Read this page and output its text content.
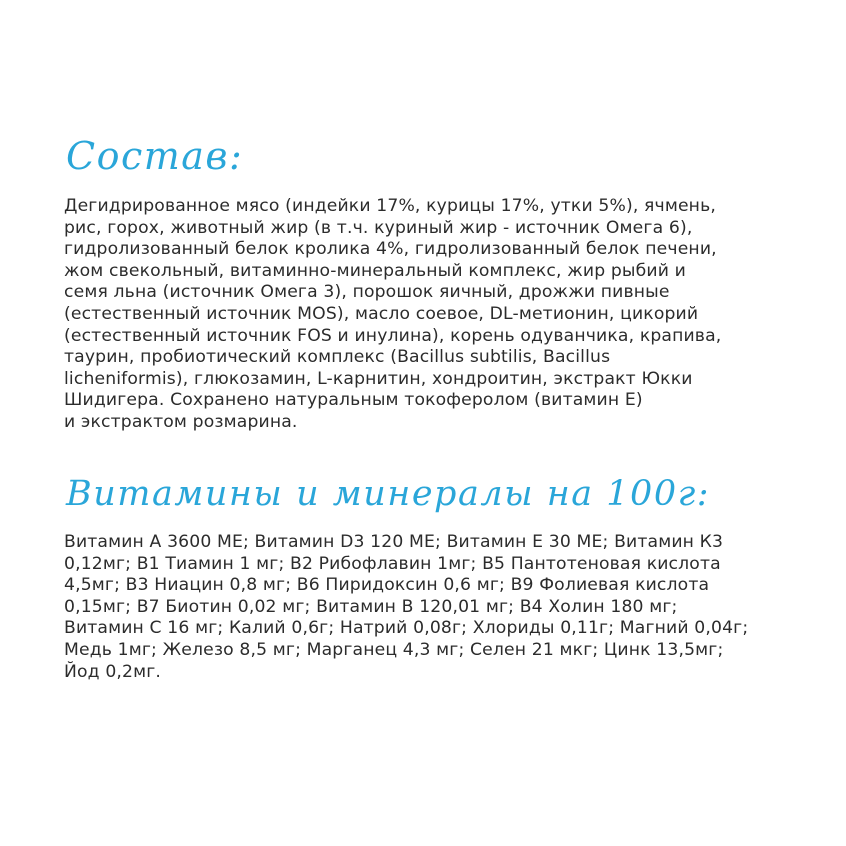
Состав:
Дегидрированное мясо (индейки 17%, курицы 17%, утки 5%), ячмень,
рис, горох, животный жир (в т.ч. куриный жир - источник Омега 6),
гидролизованный белок кролика 4%, гидролизованный белок печени,
жом свекольный, витаминно-минеральный комплекс, жир рыбий и
семя льна (источник Омега 3), порошок яичный, дрожжи пивные
(естественный источник MOS), масло соевое, DL-метионин, цикорий
(естественный источник FOS и инулина), корень одуванчика, крапива,
таурин, пробиотический комплекс (Bacillus subtilis, Bacillus
licheniformis), глюкозамин, L-карнитин, хондроитин, экстракт Юкки
Шидигера. Сохранено натуральным токоферолом (витамин Е)
и экстрактом розмарина.
Витамины и минералы на 100г:
Витамин А 3600 МЕ; Витамин D3 120 МЕ; Витамин Е 30 МЕ; Витамин К3
0,12мг; В1 Тиамин 1 мг; В2 Рибофлавин 1мг; В5 Пантотеновая кислота
4,5мг; В3 Ниацин 0,8 мг; В6 Пиридоксин 0,6 мг; В9 Фолиевая кислота
0,15мг; В7 Биотин 0,02 мг; Витамин В 120,01 мг; В4 Холин 180 мг;
Витамин С 16 мг; Калий 0,6г; Натрий 0,08г; Хлориды 0,11г; Магний 0,04г;
Медь 1мг; Железо 8,5 мг; Марганец 4,3 мг; Селен 21 мкг; Цинк 13,5мг;
Йод 0,2мг.
